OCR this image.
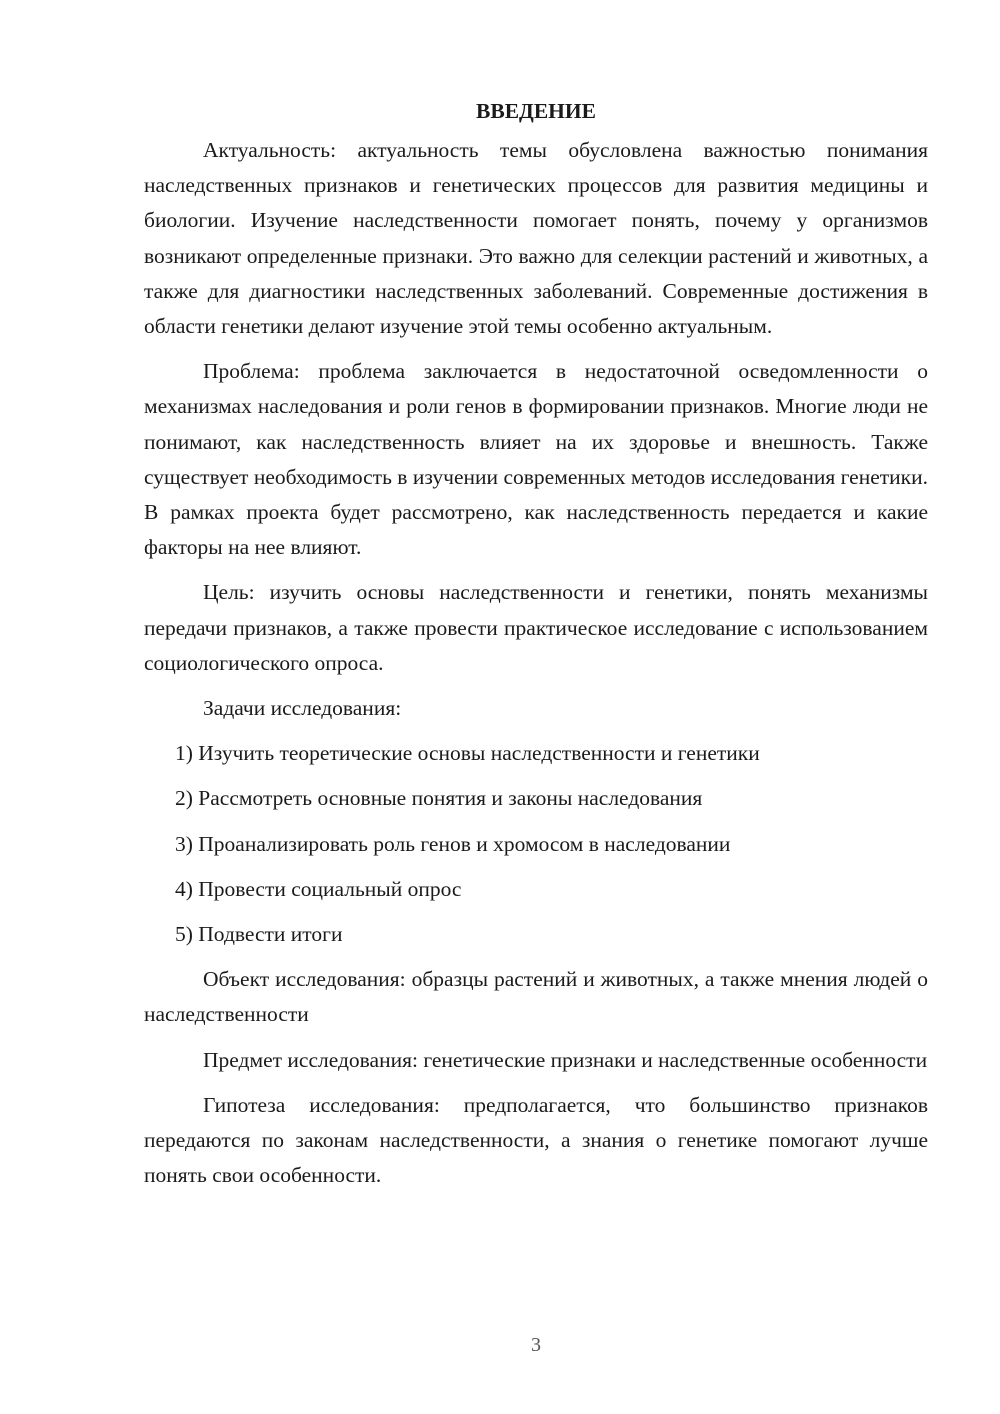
ВВЕДЕНИЕ

Актуальность: актуальность темы обусловлена важностью понимания наследственных признаков и генетических процессов для развития медицины и биологии. Изучение наследственности помогает понять, почему у организмов возникают определенные признаки. Это важно для селекции растений и животных, а также для диагностики наследственных заболеваний. Современные достижения в области генетики делают изучение этой темы особенно актуальным.

Проблема: проблема заключается в недостаточной осведомленности о механизмах наследования и роли генов в формировании признаков. Многие люди не понимают, как наследственность влияет на их здоровье и внешность. Также существует необходимость в изучении современных методов исследования генетики. В рамках проекта будет рассмотрено, как наследственность передается и какие факторы на нее влияют.

Цель: изучить основы наследственности и генетики, понять механизмы передачи признаков, а также провести практическое исследование с использованием социологического опроса.

Задачи исследования:

1) Изучить теоретические основы наследственности и генетики
2) Рассмотреть основные понятия и законы наследования
3) Проанализировать роль генов и хромосом в наследовании
4) Провести социальный опрос
5) Подвести итоги

Объект исследования: образцы растений и животных, а также мнения людей о наследственности

Предмет исследования: генетические признаки и наследственные особенности

Гипотеза исследования: предполагается, что большинство признаков передаются по законам наследственности, а знания о генетике помогают лучше понять свои особенности.

3
